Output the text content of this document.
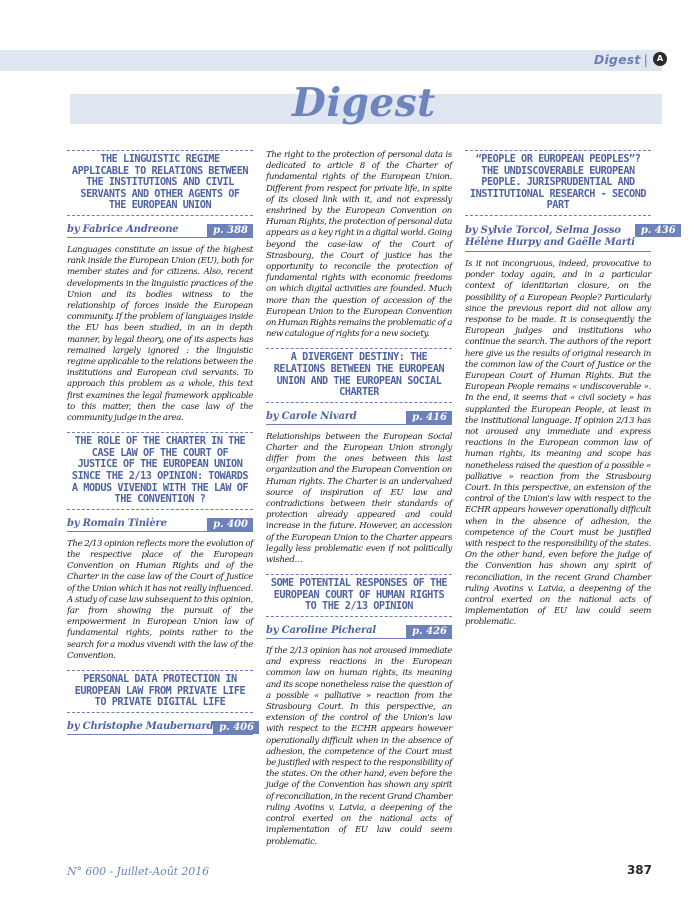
Digest |	A
Digest
THE LINGUISTIC REGIME APPLICABLE TO RELATIONS BETWEEN THE INSTITUTIONS AND CIVIL SERVANTS AND OTHER AGENTS OF THE EUROPEAN UNION
by Fabrice Andreone	p. 388

Languages constitute an issue of the highest rank inside the European Union (EU), both for member states and for citizens. Also, recent developments in the linguistic practices of the Union and its bodies witness to the relationship of forces inside the European community. If the problem of languages inside the EU has been studied, in an in depth manner, by legal theory, one of its aspects has remained largely ignored : the linguistic regime applicable to the relations between the institutions and European civil servants. To approach this problem as a whole, this text first examines the legal framework applicable to this matter, then the case law of the community judge in the area.

THE ROLE OF THE CHARTER IN THE CASE LAW OF THE COURT OF JUSTICE OF THE EUROPEAN UNION SINCE THE 2/13 OPINION: TOWARDS A MODUS VIVENDI WITH THE LAW OF THE CONVENTION ?
by Romain Tinière	p. 400

The 2/13 opinion reflects more the evolution of the respective place of the European Convention on Human Rights and of the Charter in the case law of the Court of Justice of the Union which it has not really influenced. A study of case law subsequent to this opinion, far from showing the pursuit of the empowerment in European Union law of fundamental rights, points rather to the search for a modus vivendi with the law of the Convention.

PERSONAL DATA PROTECTION IN EUROPEAN LAW FROM PRIVATE LIFE TO PRIVATE DIGITAL LIFE
by Christophe Maubernard p. 406

The right to the protection of personal data is dedicated to article 8 of the Charter of fundamental rights of the European Union. Different from respect for private life, in spite of its closed link with it, and not expressly enshrined by the European Convention on Human Rights, the protection of personal data appears as a key right in a digital world. Going beyond the case-law of the Court of Strasbourg, the Court of justice has the opportunity to reconcile the protection of fundamental rights with economic freedoms on which digital activities are founded. Much more than the question of accession of the European Union to the European Convention on Human Rights remains the problematic of a new catalogue of rights for a new society.

A DIVERGENT DESTINY: THE RELATIONS BETWEEN THE EUROPEAN UNION AND THE EUROPEAN SOCIAL CHARTER
by Carole Nivard	p. 416

Relationships between the European Social Charter and the European Union strongly differ from the ones between this last organization and the European Convention on Human rights. The Charter is an undervalued source of inspiration of EU law and contradictions between their standards of protection already appeared and could increase in the future. However, an accession of the European Union to the Charter appears legally less problematic even if not politically wished…

SOME POTENTIAL RESPONSES OF THE EUROPEAN COURT OF HUMAN RIGHTS TO THE 2/13 OPINION
by Caroline Picheral	p. 426

If the 2/13 opinion has not aroused immediate and express reactions in the European common law on human rights, its meaning and its scope nonetheless raise the question of a possible « palliative » reaction from the Strasbourg Court. In this perspective, an extension of the control of the Union's law with respect to the ECHR appears however operationally difficult when in the absence of adhesion, the competence of the Court must be justified with respect to the responsibility of the states. On the other hand, even before the judge of the Convention has shown any spirit of reconciliation, in the recent Grand Chamber ruling Avotins v. Latvia, a deepening of the control exerted on the national acts of implementation of EU law could seem problematic.

“PEOPLE OR EUROPEAN PEOPLES”? THE UNDISCOVERABLE EUROPEAN PEOPLE. JURISPRUDENTIAL AND INSTITUTIONAL RESEARCH - SECOND PART
by Sylvie Torcol, Selma Josso
Hélène Hurpy and Gaëlle Marti
p. 436

Is it not incongruous, indeed, provocative to ponder today again, and in a particular context of identitarian closure, on the possibility of a European People? Particularly since the previous report did not allow any response to be made. It is consequently the European judges and institutions who continue the search. The authors of the report here give us the results of original research in the common law of the Court of Justice or the European Court of Human Rights. But the European People remains « undiscoverable ». In the end, it seems that « civil society » has supplanted the European People, at least in the institutional language. If opinion 2/13 has not aroused any immediate and express reactions in the European common law of human rights, its meaning and scope has nonetheless raised the question of a possible « palliative » reaction from the Strasbourg Court. In this perspective, an extension of the control of the Union's law with respect to the ECHR appears however operationally difficult when in the absence of adhesion, the competence of the Court must be justified with respect to the responsibility of the states. On the other hand, even before the judge of the Convention has shown any spirit of reconciliation, in the recent Grand Chamber ruling Avotins v. Latvia, a deepening of the control exerted on the national acts of implementation of EU law could seem problematic.

N° 600 - Juillet-Août 2016	387
